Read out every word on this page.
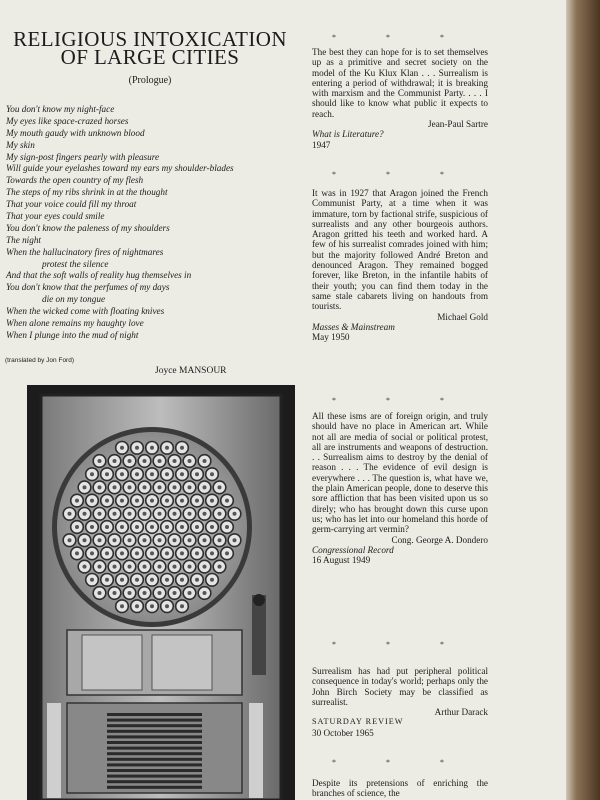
RELIGIOUS INTOXICATION
OF LARGE CITIES
(Prologue)
You don't know my night-face
My eyes like space-crazed horses
My mouth gaudy with unknown blood
My skin
My sign-post fingers pearly with pleasure
Will guide your eyelashes toward my ears my shoulder-blades
Towards the open country of my flesh
The steps of my ribs shrink in at the thought
That your voice could fill my throat
That your eyes could smile
You don't know the paleness of my shoulders
The night
When the hallucinatory fires of nightmares
protest the silence
And that the soft walls of reality hug themselves in
You don't know that the perfumes of my days
die on my tongue
When the wicked come with floating knives
When alone remains my haughty love
When I plunge into the mud of night
(translated by Jon Ford)
Joyce MANSOUR
* * *

The best they can hope for is to set themselves up as a primitive and secret society on the model of the Ku Klux Klan . . . Surrealism is entering a period of withdrawal; it is breaking with marxism and the Communist Party. . . . I should like to know what public it expects to reach.

Jean-Paul Sartre

What is Literature?

1947

* * *

It was in 1927 that Aragon joined the French Communist Party, at a time when it was immature, torn by factional strife, suspicious of surrealists and any other bourgeois authors. Aragon gritted his teeth and worked hard. A few of his surrealist comrades joined with him; but the majority followed André Breton and denounced Aragon. They remained bogged forever, like Breton, in the infantile habits of their youth; you can find them today in the same stale cabarets living on handouts from tourists.

Michael Gold

Masses & Mainstream

May 1950

* * *

All these isms are of foreign origin, and truly should have no place in American art. While not all are media of social or political protest, all are instruments and weapons of destruction. . . Surrealism aims to destroy by the denial of reason . . . The evidence of evil design is everywhere . . . The question is, what have we, the plain American people, done to deserve this sore affliction that has been visited upon us so direly; who has brought down this curse upon us; who has let into our homeland this horde of germ-carrying art vermin?

Cong. George A. Dondero

Congressional Record

16 August 1949

* * *

Surrealism has had put peripheral political consequence in today's world; perhaps only the John Birch Society may be classified as surrealist.

Arthur Darack

SATURDAY REVIEW

30 October 1965

* * *

Despite its pretensions of enriching the branches of science, the
